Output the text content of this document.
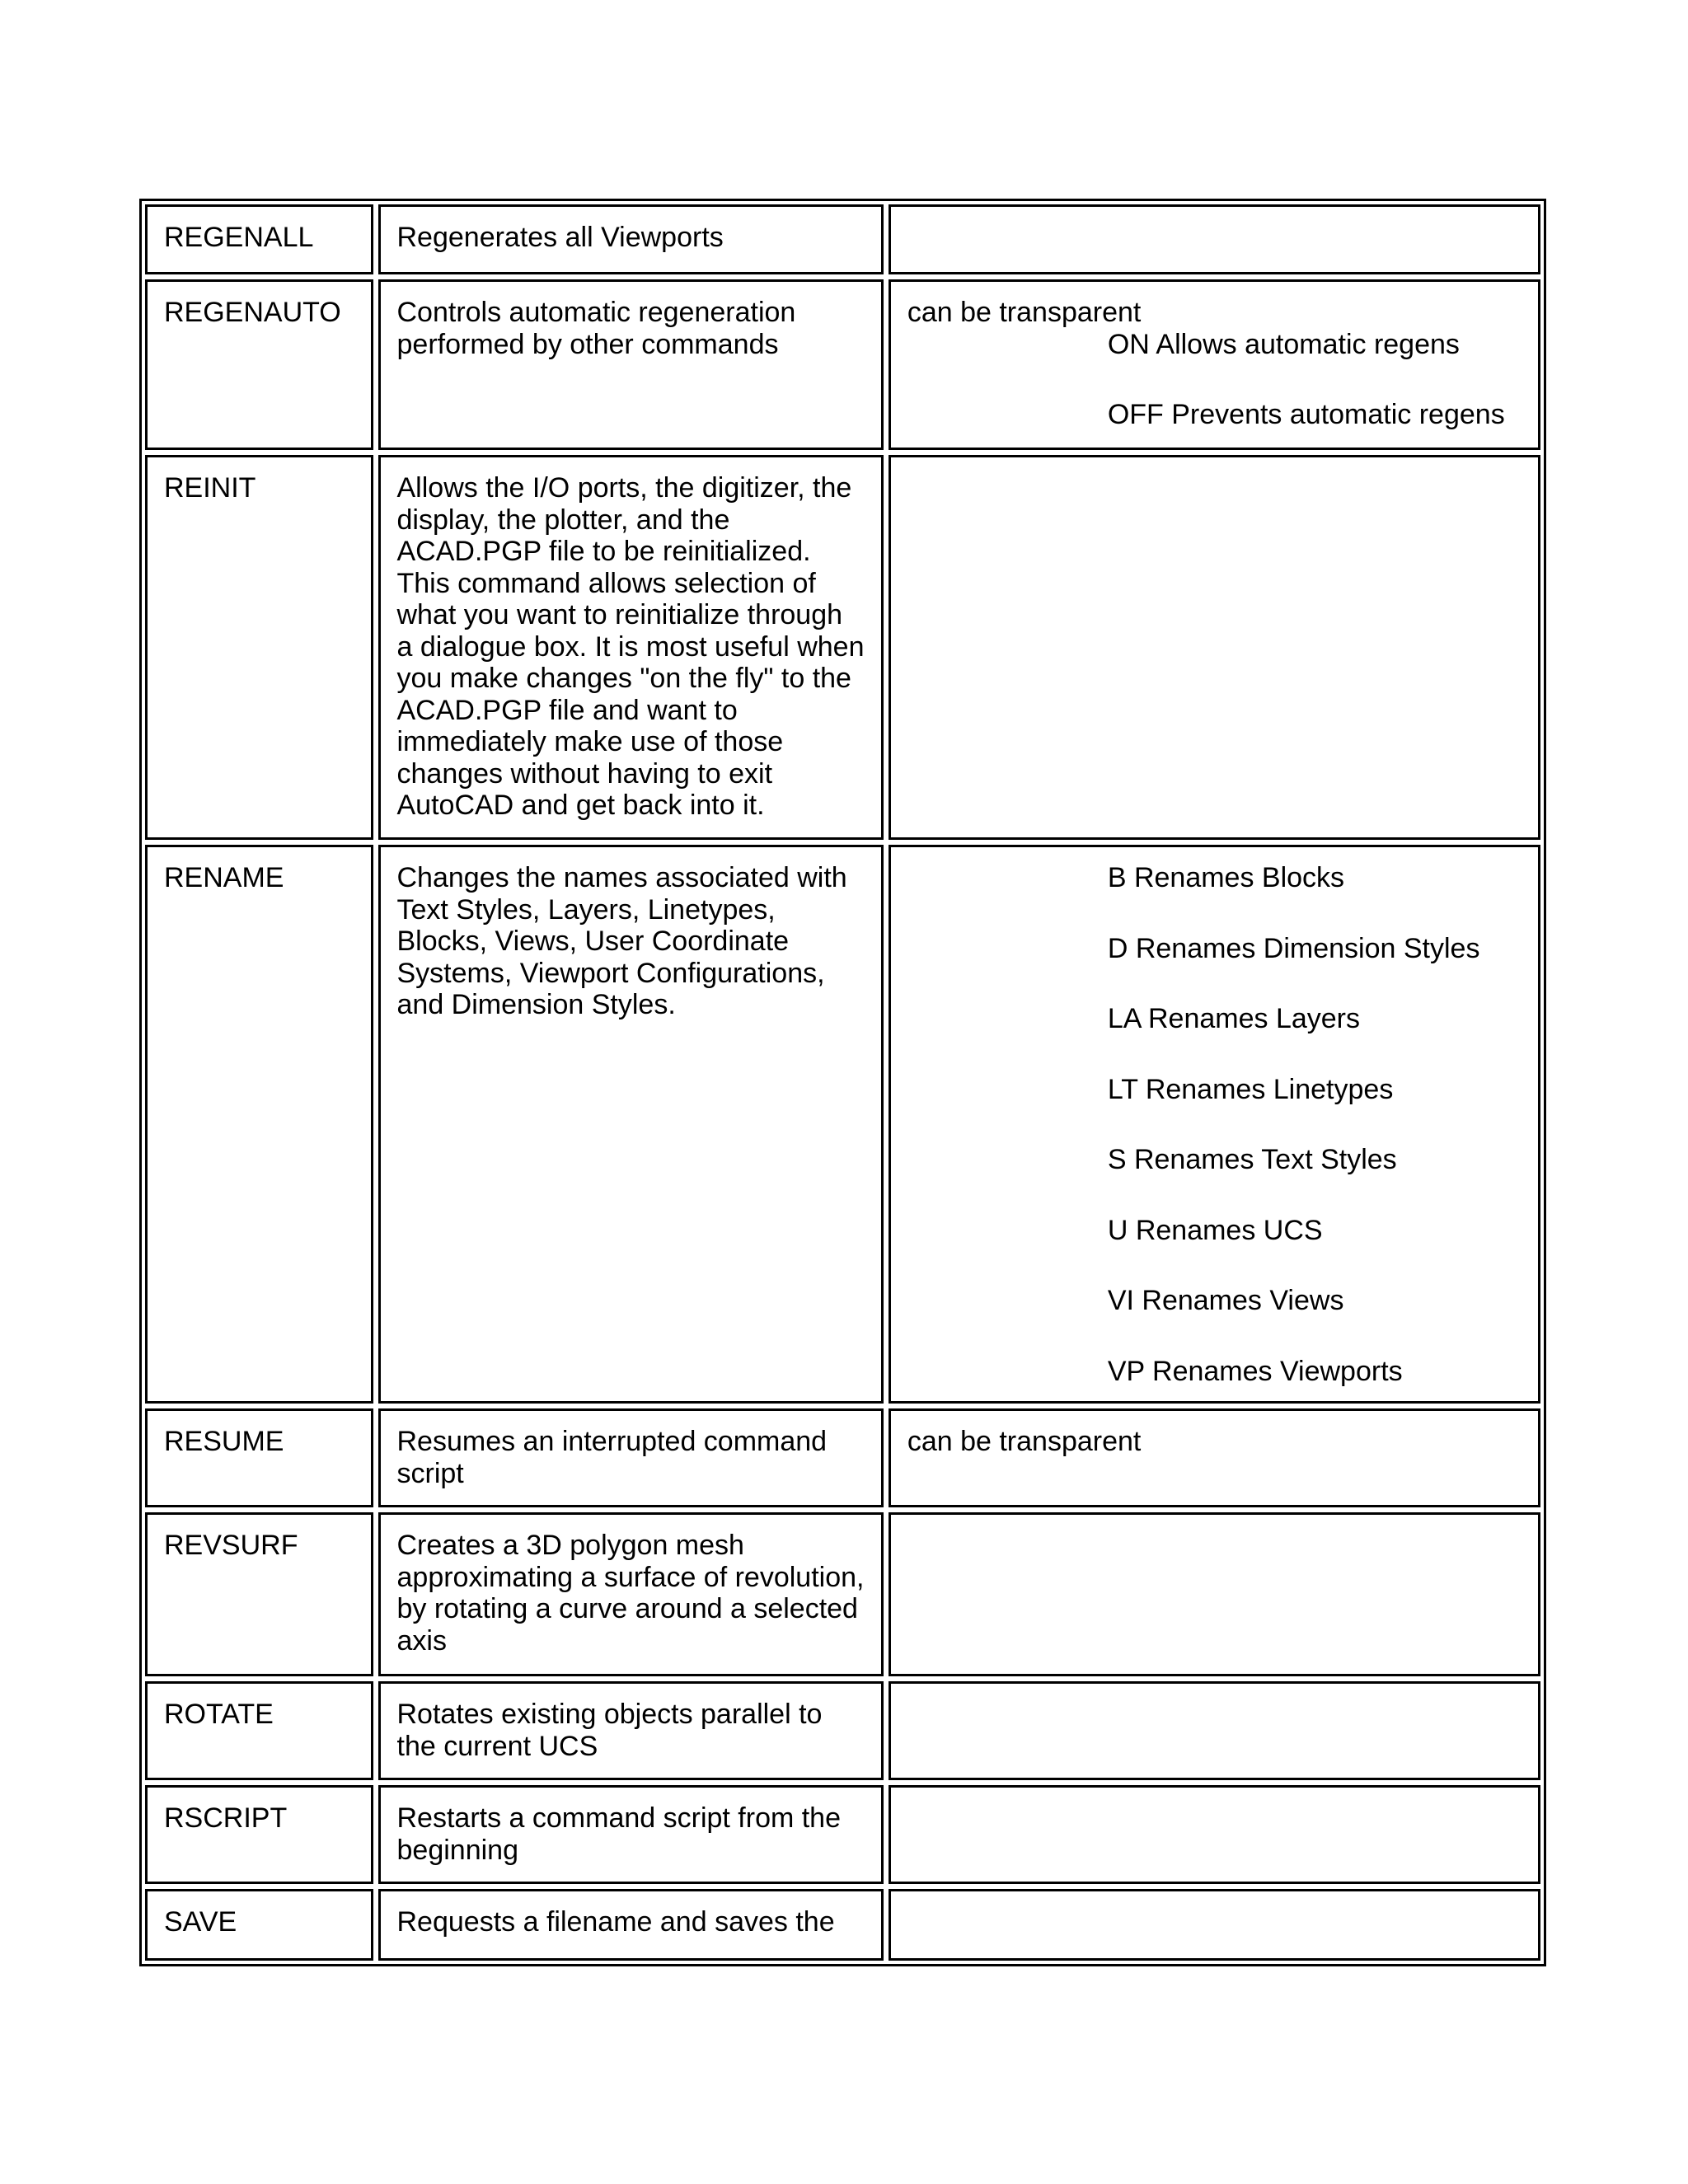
REGENALL	Regenerates all Viewports
REGENAUTO	Controls automatic regeneration performed by other commands
can be transparent
ON Allows automatic regens
OFF Prevents automatic regens
REINIT	Allows the I/O ports, the digitizer, the display, the plotter, and the ACAD.PGP file to be reinitialized. This command allows selection of what you want to reinitialize through a dialogue box. It is most useful when you make changes "on the fly" to the ACAD.PGP file and want to immediately make use of those changes without having to exit AutoCAD and get back into it.
RENAME	Changes the names associated with Text Styles, Layers, Linetypes, Blocks, Views, User Coordinate Systems, Viewport Configurations, and Dimension Styles.
B Renames Blocks
D Renames Dimension Styles
LA Renames Layers
LT Renames Linetypes
S Renames Text Styles
U Renames UCS
VI Renames Views
VP Renames Viewports
RESUME	Resumes an interrupted command script
can be transparent
REVSURF	Creates a 3D polygon mesh approximating a surface of revolution, by rotating a curve around a selected axis
ROTATE	Rotates existing objects parallel to the current UCS
RSCRIPT	Restarts a command script from the beginning
SAVE	Requests a filename and saves the
